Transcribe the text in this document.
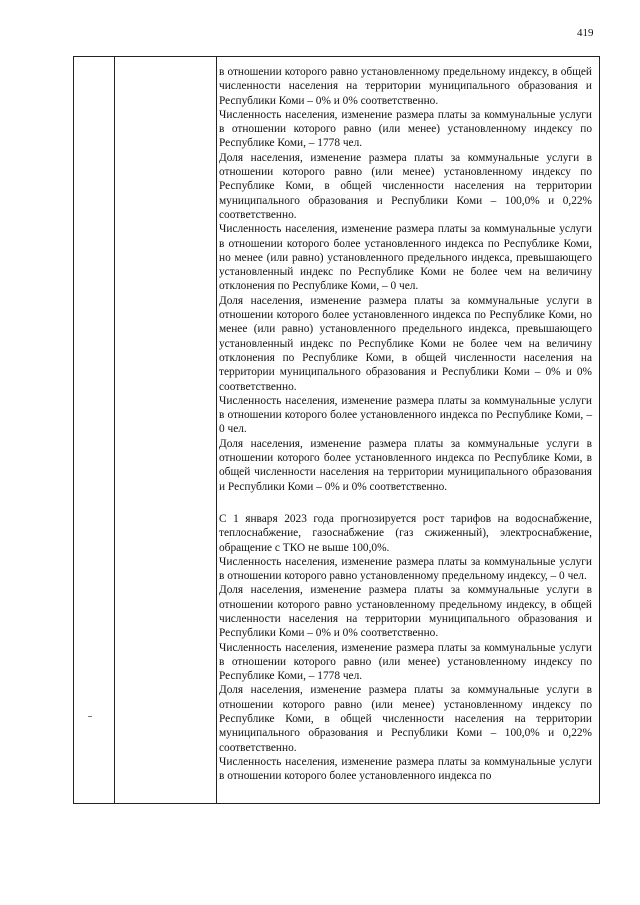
419

в отношении которого равно установленному предельному индексу, в общей численности населения на территории муниципального образования и Республики Коми – 0% и 0% соответственно.

Численность населения, изменение размера платы за коммунальные услуги в отношении которого равно (или менее) установленному индексу по Республике Коми, – 1778 чел.

Доля населения, изменение размера платы за коммунальные услуги в отношении которого равно (или менее) установленному индексу по Республике Коми, в общей численности населения на территории муниципального образования и Республики Коми – 100,0% и 0,22% соответственно.

Численность населения, изменение размера платы за коммунальные услуги в отношении которого более установленного индекса по Республике Коми, но менее (или равно) установленного предельного индекса, превышающего установленный индекс по Республике Коми не более чем на величину отклонения по Республике Коми, – 0 чел.

Доля населения, изменение размера платы за коммунальные услуги в отношении которого более установленного индекса по Республике Коми, но менее (или равно) установленного предельного индекса, превышающего установленный индекс по Республике Коми не более чем на величину отклонения по Республике Коми, в общей численности населения на территории муниципального образования и Республики Коми – 0% и 0% соответственно.

Численность населения, изменение размера платы за коммунальные услуги в отношении которого более установленного индекса по Республике Коми, – 0 чел.

Доля населения, изменение размера платы за коммунальные услуги в отношении которого более установленного индекса по Республике Коми, в общей численности населения на территории муниципального образования и Республики Коми – 0% и 0% соответственно.

С 1 января 2023 года прогнозируется рост тарифов на водоснабжение, теплоснабжение, газоснабжение (газ сжиженный), электроснабжение, обращение с ТКО не выше 100,0%.

Численность населения, изменение размера платы за коммунальные услуги в отношении которого равно установленному предельному индексу, – 0 чел.

Доля населения, изменение размера платы за коммунальные услуги в отношении которого равно установленному предельному индексу, в общей численности населения на территории муниципального образования и Республики Коми – 0% и 0% соответственно.

Численность населения, изменение размера платы за коммунальные услуги в отношении которого равно (или менее) установленному индексу по Республике Коми, – 1778 чел.

Доля населения, изменение размера платы за коммунальные услуги в отношении которого равно (или менее) установленному индексу по Республике Коми, в общей численности населения на территории муниципального образования и Республики Коми – 100,0% и 0,22% соответственно.

Численность населения, изменение размера платы за коммунальные услуги в отношении которого более установленного индекса по
